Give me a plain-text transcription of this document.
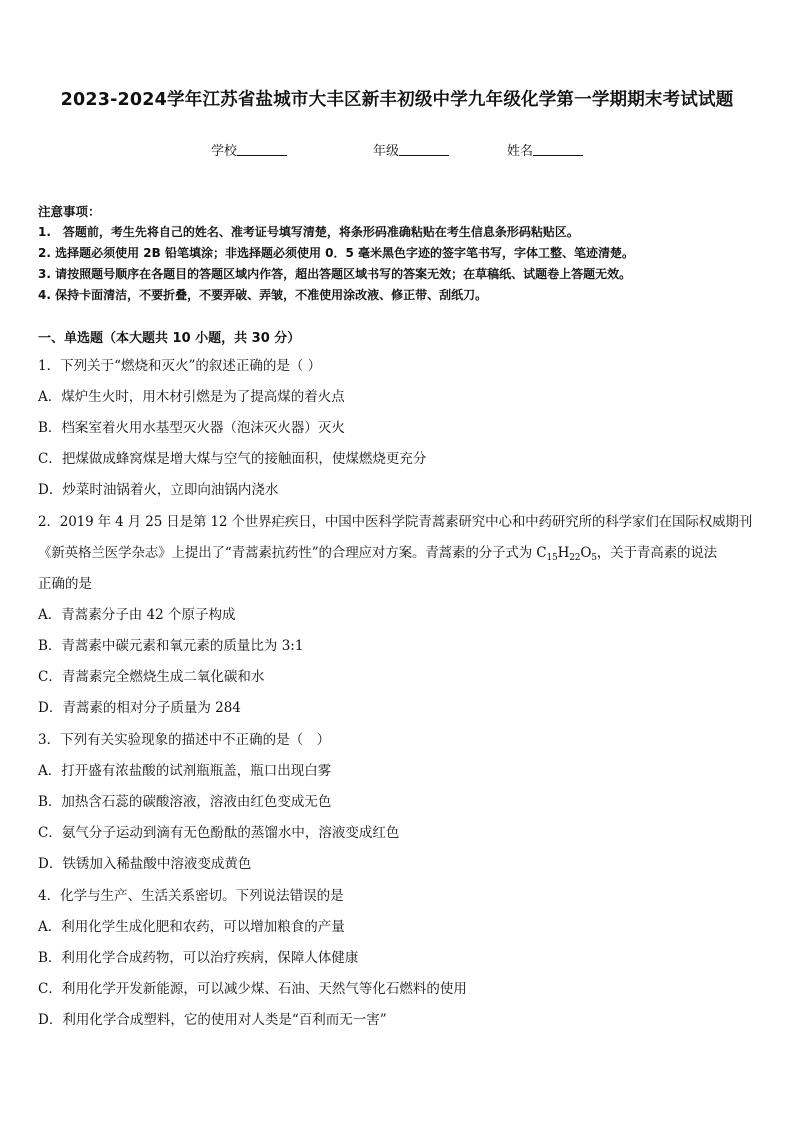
2023-2024学年江苏省盐城市大丰区新丰初级中学九年级化学第一学期期末考试试题
学校	年级	姓名
注意事项：
1.　答题前，考生先将自己的姓名、准考证号填写清楚，将条形码准确粘贴在考生信息条形码粘贴区。
2. 选择题必须使用 2B 铅笔填涂；非选择题必须使用 0．5 毫米黑色字迹的签字笔书写，字体工整、笔迹清楚。
3. 请按照题号顺序在各题目的答题区域内作答，超出答题区域书写的答案无效；在草稿纸、试题卷上答题无效。
4. 保持卡面清洁，不要折叠，不要弄破、弄皱，不准使用涂改液、修正带、刮纸刀。
一、单选题（本大题共 10 小题，共 30 分）
1．下列关于“燃烧和灭火”的叙述正确的是（ ）
A．煤炉生火时，用木材引燃是为了提高煤的着火点
B．档案室着火用水基型灭火器（泡沫灭火器）灭火
C．把煤做成蜂窝煤是增大煤与空气的接触面积，使煤燃烧更充分
D．炒菜时油锅着火，立即向油锅内浇水
2．2019 年 4 月 25 日是第 12 个世界疟疾日，中国中医科学院青蒿素研究中心和中药研究所的科学家们在国际权威期刊
《新英格兰医学杂志》上提出了“青蒿素抗药性”的合理应对方案。青蒿素的分子式为 $C_{15}H_{22}O_5$，关于青高素的说法
正确的是
A．青蒿素分子由 42 个原子构成
B．青蒿素中碳元素和氧元素的质量比为 3:1
C．青蒿素完全燃烧生成二氧化碳和水
D．青蒿素的相对分子质量为 284
3．下列有关实验现象的描述中不正确的是（　）
A．打开盛有浓盐酸的试剂瓶瓶盖，瓶口出现白雾
B．加热含石蕊的碳酸溶液，溶液由红色变成无色
C．氨气分子运动到滴有无色酚酞的蒸馏水中，溶液变成红色
D．铁锈加入稀盐酸中溶液变成黄色
4．化学与生产、生活关系密切。下列说法错误的是
A．利用化学生成化肥和农药，可以增加粮食的产量
B．利用化学合成药物，可以治疗疾病，保障人体健康
C．利用化学开发新能源，可以减少煤、石油、天然气等化石燃料的使用
D．利用化学合成塑料，它的使用对人类是“百利而无一害”
